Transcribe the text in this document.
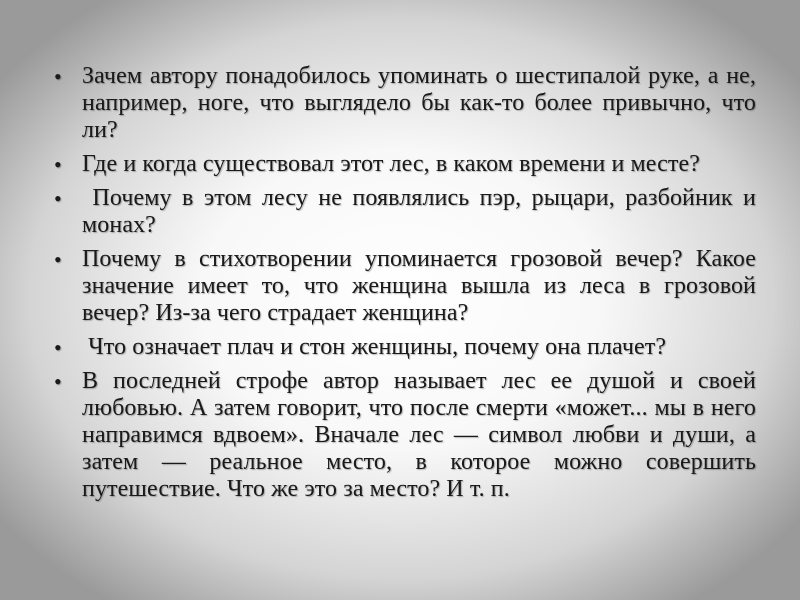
• Зачем автору понадобилось упоминать о шестипалой руке, а не, например, ноге, что выглядело бы как-то более привычно, что ли?
• Где и когда существовал этот лес, в каком времени и месте?
• Почему в этом лесу не появлялись пэр, рыцари, разбойник и монах?
• Почему в стихотворении упоминается грозовой вечер? Какое значение имеет то, что женщина вышла из леса в грозовой вечер? Из-за чего страдает женщина?
• Что означает плач и стон женщины, почему она плачет?
• В последней строфе автор называет лес ее душой и своей любовью. А затем говорит, что после смерти «может... мы в него направимся вдвоем». Вначале лес — символ любви и души, а затем — реальное место, в которое можно совершить путешествие. Что же это за место? И т. п.
